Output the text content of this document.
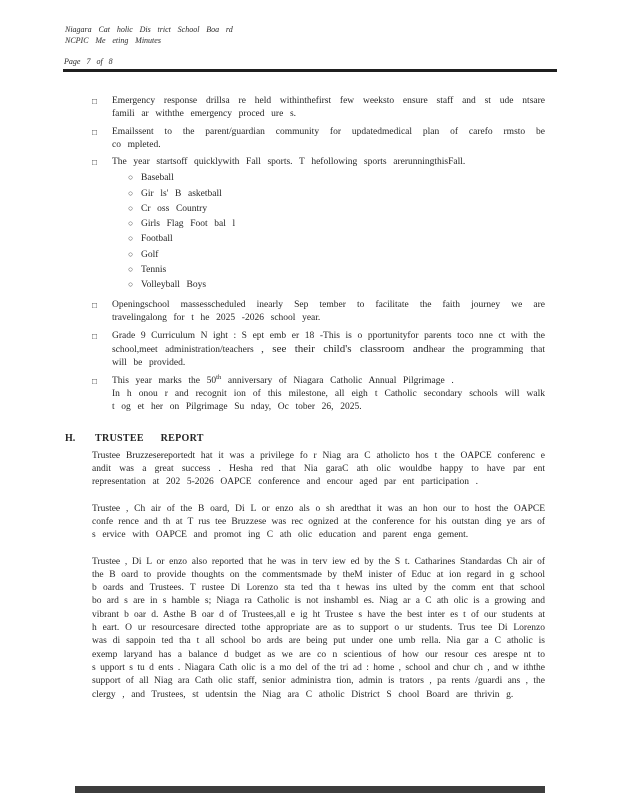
Niagara Cat holic Dis trict School Boa rd
NCPIC Me eting Minutes
Page 7 of 8
□	Emergency response drillsa re held withinthefirst few weeksto ensure staff and st ude ntsare
famili ar withthe emergency proced ure s.
□	Emailssent to the parent/guardian community for updatedmedical plan of carefo rmsto be
co mpleted.
□	The year startsoff quicklywith Fall sports. T hefollowing sports arerunningthisFall.
○ Baseball
○ Gir ls' B asketball
○ Cr oss Country
○ Girls Flag Foot bal l
○ Football
○ Golf
○ Tennis
○ Volleyball Boys
□	Openingschool massesscheduled inearly Sep tember to facilitate the faith journey we are
travelingalong for t he 2025 -2026 school year.
□	Grade 9 Curriculum N ight : S ept emb er 18 -This is o pportunityfor parents toco nne ct with the
school,meet administration/teachers , see their child's classroom andhear the programming that
will be provided.
□	This year marks the 50th anniversary of Niagara Catholic Annual Pilgrimage .
In h onou r and recognit ion of this milestone, all eigh t Catholic secondary schools will walk
t og et her on Pilgrimage Su nday, Oc tober 26, 2025.
H.	TRUSTEE REPORT
Trustee Bruzzesereportedt hat it was a privilege fo r Niag ara C atholicto hos t the OAPCE conferenc e
andit was a great success . Hesha red that Nia garaC ath olic wouldbe happy to have par ent
representation at 202 5-2026 OAPCE conference and encour aged par ent participation .
Trustee , Ch air of the B oard, Di L or enzo als o sh aredthat it was an hon our to host the OAPCE
confe rence and th at T rus tee Bruzzese was rec ognized at the conference for his outstan ding ye ars of
s ervice with OAPCE and promot ing C ath olic education and parent enga gement.
Trustee , Di L or enzo also reported that he was in terv iew ed by the S t. Catharines Standardas Ch air of
the B oard to provide thoughts on the commentsmade by theM inister of Educ at ion regard in g school
b oards and Trustees. T rustee Di Lorenzo sta ted tha t hewas ins ulted by the comm ent that school
bo ard s are in s hamble s; Niaga ra Catholic is not inshambl es. Niag ar a C ath olic is a growing and
vibrant b oar d. Asthe B oar d of Trustees,all e ig ht Trustee s have the best inter es t of our students at
h eart. O ur resourcesare directed tothe appropriate are as to support o ur students. Trus tee Di Lorenzo
was di sappoin ted tha t all school bo ards are being put under one umb rella. Nia gar a C atholic is
exemp laryand has a balance d budget as we are co n scientious of how our resour ces arespe nt to
s upport s tu d ents . Niagara Cath olic is a mo del of the tri ad : home , school and chur ch , and w iththe
support of all Niag ara Cath olic staff, senior administra tion, admin is trators , pa rents /guardi ans , the
clergy , and Trustees, st udentsin the Niag ara C atholic District S chool Board are thrivin g.
